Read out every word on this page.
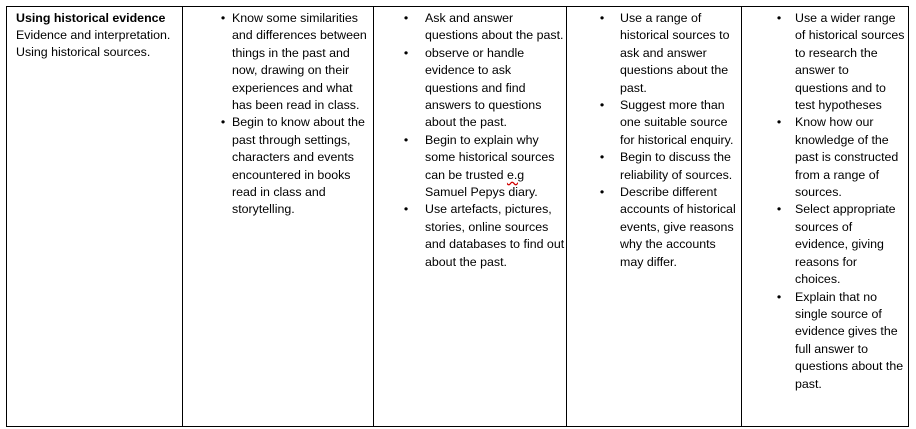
Using historical evidence
Evidence and interpretation. Using historical sources.
• Know some similarities and differences between things in the past and now, drawing on their experiences and what has been read in class.
• Begin to know about the past through settings, characters and events encountered in books read in class and storytelling.
• Ask and answer questions about the past.
• observe or handle evidence to ask questions and find answers to questions about the past.
• Begin to explain why some historical sources can be trusted e.g Samuel Pepys diary.
• Use artefacts, pictures, stories, online sources and databases to find out about the past.
• Use a range of historical sources to ask and answer questions about the past.
• Suggest more than one suitable source for historical enquiry.
• Begin to discuss the reliability of sources.
• Describe different accounts of historical events, give reasons why the accounts may differ.
• Use a wider range of historical sources to research the answer to questions and to test hypotheses
• Know how our knowledge of the past is constructed from a range of sources.
• Select appropriate sources of evidence, giving reasons for choices.
• Explain that no single source of evidence gives the full answer to questions about the past.
